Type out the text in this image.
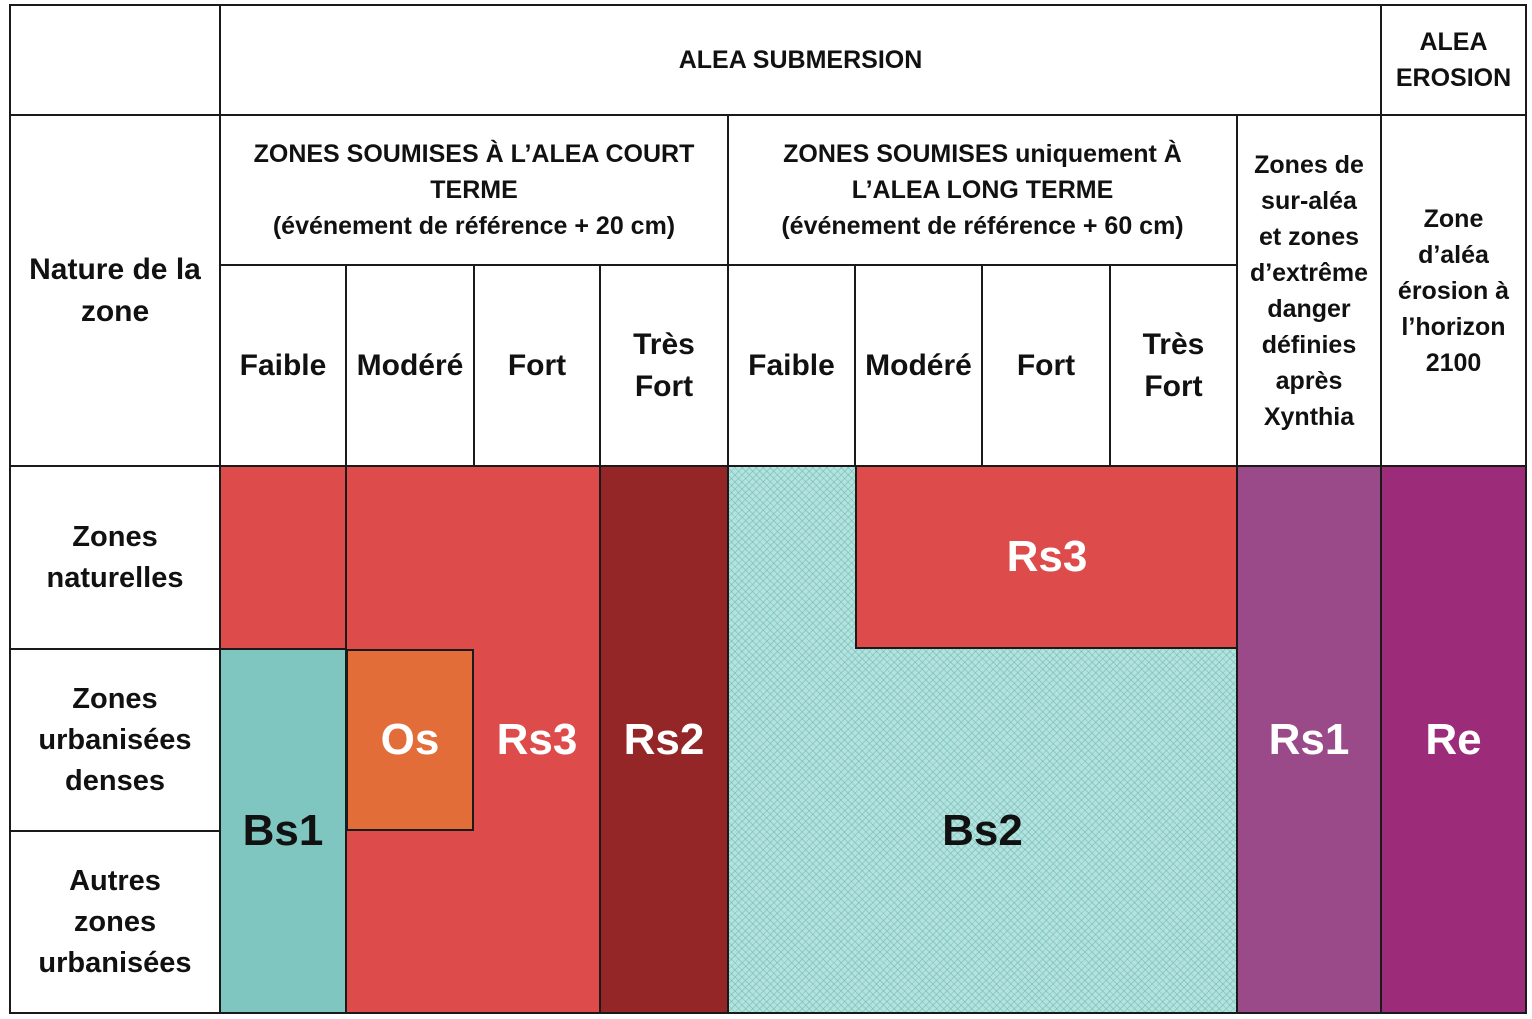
Bs1
Os Rs3 Rs2
Bs2
Rs3
Rs1 Re
ALEA SUBMERSION
ALEA
EROSION
Nature de la
zone
ZONES SOUMISES À L’ALEA COURT
TERME
(événement de référence + 20 cm)
ZONES SOUMISES uniquement À
L’ALEA LONG TERME
(événement de référence + 60 cm)
Zones de
sur-aléa
et zones
d’extrême
danger
définies
après
Xynthia
Zone
d’aléa
érosion à
l’horizon
2100
Faible Modéré Fort
Très
Fort
Faible Modéré Fort
Très
Fort
Zones
naturelles
Zones
urbanisées
denses
Autres
zones
urbanisées
